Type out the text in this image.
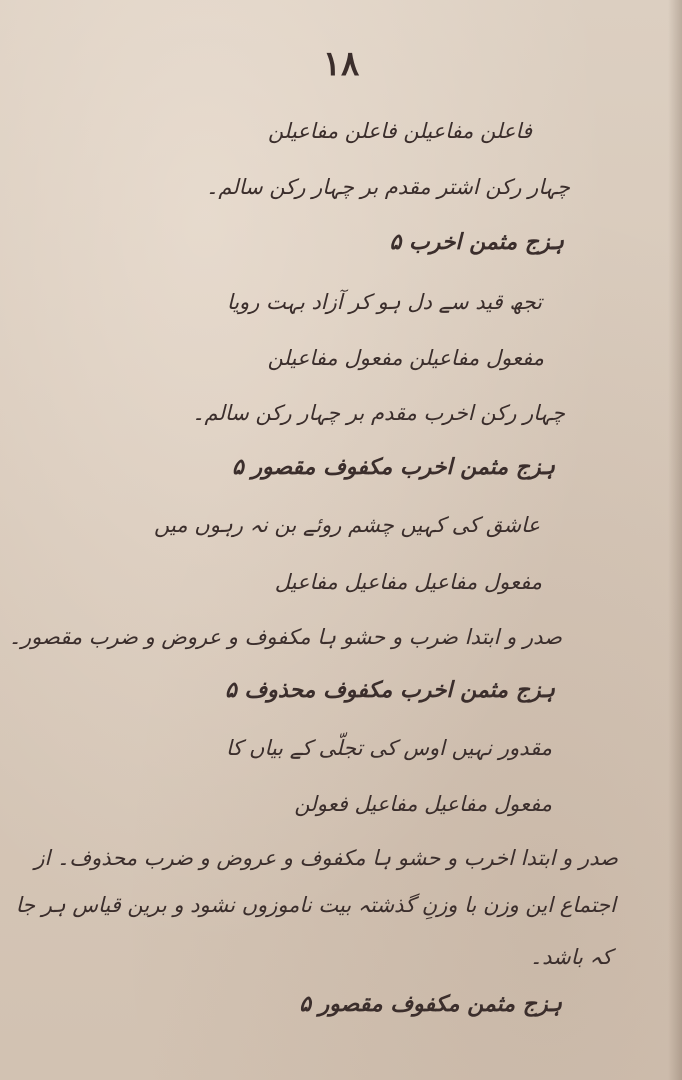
١٨
فاعلن مفاعیلن فاعلن مفاعیلن
چہار رکن اشتر مقدم بر چہار رکن سالم۔
ہزج مثمن اخرب ۵
تجھ قید سے دل ہو کر آزاد بہت رویا
مفعول مفاعیلن مفعول مفاعیلن
چہار رکن اخرب مقدم بر چہار رکن سالم۔
ہزج مثمن اخرب مکفوف مقصور ۵
عاشق کی کہیں چشم روئے بن نہ رہوں میں
مفعول مفاعیل مفاعیل مفاعیل
صدر و ابتدا ضرب و حشو ہا مکفوف و عروض و ضرب مقصور۔
ہزج مثمن اخرب مکفوف محذوف ۵
مقدور نہیں اوس کی تجلّی کے بیاں کا
مفعول مفاعیل مفاعیل فعولن
صدر و ابتدا اخرب و حشو ہا مکفوف و عروض و ضرب محذوف۔ از
اجتماع این وزن با وزنِ گذشتہ بیت ناموزوں نشود و برین قیاس ہر جا
کہ باشد۔
ہزج مثمن مکفوف مقصور ۵
